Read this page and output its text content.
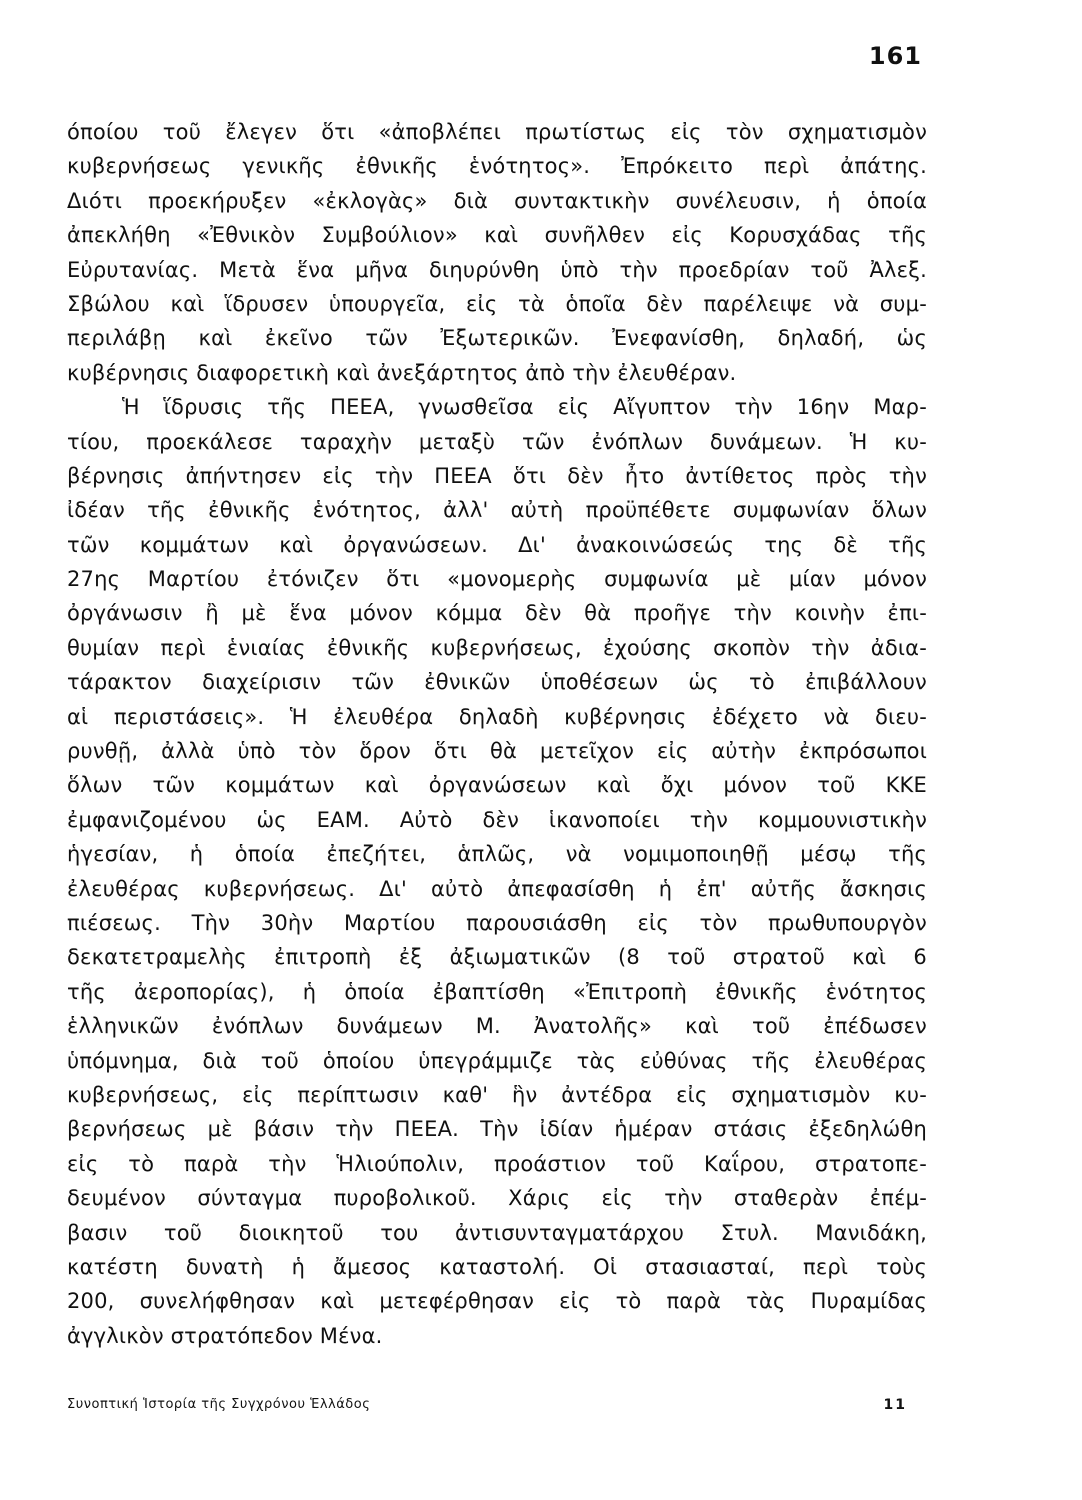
161
όποίου τοῦ ἔλεγεν ὅτι «ἀποβλέπει πρωτίστως εἰς τὸν σχηματισμὸν
κυβερνήσεως γενικῆς ἐθνικῆς ἑνότητος». Ἐπρόκειτο περὶ ἀπάτης.
Διότι προεκήρυξεν «ἐκλογὰς» διὰ συντακτικὴν συνέλευσιν, ἡ ὁποία
ἀπεκλήθη «Ἐθνικὸν Συμβούλιον» καὶ συνῆλθεν εἰς Κορυσχάδας τῆς
Εὐρυτανίας. Μετὰ ἕνα μῆνα διηυρύνθη ὑπὸ τὴν προεδρίαν τοῦ Ἀλεξ.
Σβώλου καὶ ἵδρυσεν ὑπουργεῖα, εἰς τὰ ὁποῖα δὲν παρέλειψε νὰ συμ-
περιλάβῃ καὶ ἐκεῖνο τῶν Ἐξωτερικῶν. Ἐνεφανίσθη, δηλαδή, ὡς
κυβέρνησις διαφορετικὴ καὶ ἀνεξάρτητος ἀπὸ τὴν ἐλευθέραν.
Ἡ ἵδρυσις τῆς ΠΕΕΑ, γνωσθεῖσα εἰς Αἴγυπτον τὴν 16ην Μαρ-
τίου, προεκάλεσε ταραχὴν μεταξὺ τῶν ἐνόπλων δυνάμεων. Ἡ κυ-
βέρνησις ἀπήντησεν εἰς τὴν ΠΕΕΑ ὅτι δὲν ἦτο ἀντίθετος πρὸς τὴν
ἰδέαν τῆς ἐθνικῆς ἑνότητος, ἀλλ' αὐτὴ προϋπέθετε συμφωνίαν ὅλων
τῶν κομμάτων καὶ ὀργανώσεων. Δι' ἀνακοινώσεώς της δὲ τῆς
27ης Μαρτίου ἐτόνιζεν ὅτι «μονομερὴς συμφωνία μὲ μίαν μόνον
ὀργάνωσιν ἢ μὲ ἕνα μόνον κόμμα δὲν θὰ προῆγε τὴν κοινὴν ἐπι-
θυμίαν περὶ ἑνιαίας ἐθνικῆς κυβερνήσεως, ἐχούσης σκοπὸν τὴν ἀδια-
τάρακτον διαχείρισιν τῶν ἐθνικῶν ὑποθέσεων ὡς τὸ ἐπιβάλλουν
αἱ περιστάσεις». Ἡ ἐλευθέρα δηλαδὴ κυβέρνησις ἐδέχετο νὰ διευ-
ρυνθῇ, ἀλλὰ ὑπὸ τὸν ὅρον ὅτι θὰ μετεῖχον εἰς αὐτὴν ἐκπρόσωποι
ὅλων τῶν κομμάτων καὶ ὀργανώσεων καὶ ὄχι μόνον τοῦ ΚΚΕ
ἐμφανιζομένου ὡς ΕΑΜ. Αὐτὸ δὲν ἱκανοποίει τὴν κομμουνιστικὴν
ἡγεσίαν, ἡ ὁποία ἐπεζήτει, ἁπλῶς, νὰ νομιμοποιηθῇ μέσῳ τῆς
ἐλευθέρας κυβερνήσεως. Δι' αὐτὸ ἀπεφασίσθη ἡ ἐπ' αὐτῆς ἄσκησις
πιέσεως. Τὴν 30ὴν Μαρτίου παρουσιάσθη εἰς τὸν πρωθυπουργὸν
δεκατετραμελὴς ἐπιτροπὴ ἐξ ἀξιωματικῶν (8 τοῦ στρατοῦ καὶ 6
τῆς ἀεροπορίας), ἡ ὁποία ἐβαπτίσθη «Ἐπιτροπὴ ἐθνικῆς ἑνότητος
ἑλληνικῶν ἐνόπλων δυνάμεων Μ. Ἀνατολῆς» καὶ τοῦ ἐπέδωσεν
ὑπόμνημα, διὰ τοῦ ὁποίου ὑπεγράμμιζε τὰς εὐθύνας τῆς ἐλευθέρας
κυβερνήσεως, εἰς περίπτωσιν καθ' ἣν ἀντέδρα εἰς σχηματισμὸν κυ-
βερνήσεως μὲ βάσιν τὴν ΠΕΕΑ. Τὴν ἰδίαν ἡμέραν στάσις ἐξεδηλώθη
εἰς τὸ παρὰ τὴν Ἡλιούπολιν, προάστιον τοῦ Καΐρου, στρατοπε-
δευμένον σύνταγμα πυροβολικοῦ. Χάρις εἰς τὴν σταθερὰν ἐπέμ-
βασιν τοῦ διοικητοῦ του ἀντισυνταγματάρχου Στυλ. Μανιδάκη,
κατέστη δυνατὴ ἡ ἄμεσος καταστολή. Οἱ στασιασταί, περὶ τοὺς
200, συνελήφθησαν καὶ μετεφέρθησαν εἰς τὸ παρὰ τὰς Πυραμίδας
ἀγγλικὸν στρατόπεδον Μένα.
Συνοπτική Ἱστορία τῆς Συγχρόνου Ἑλλάδος	11
